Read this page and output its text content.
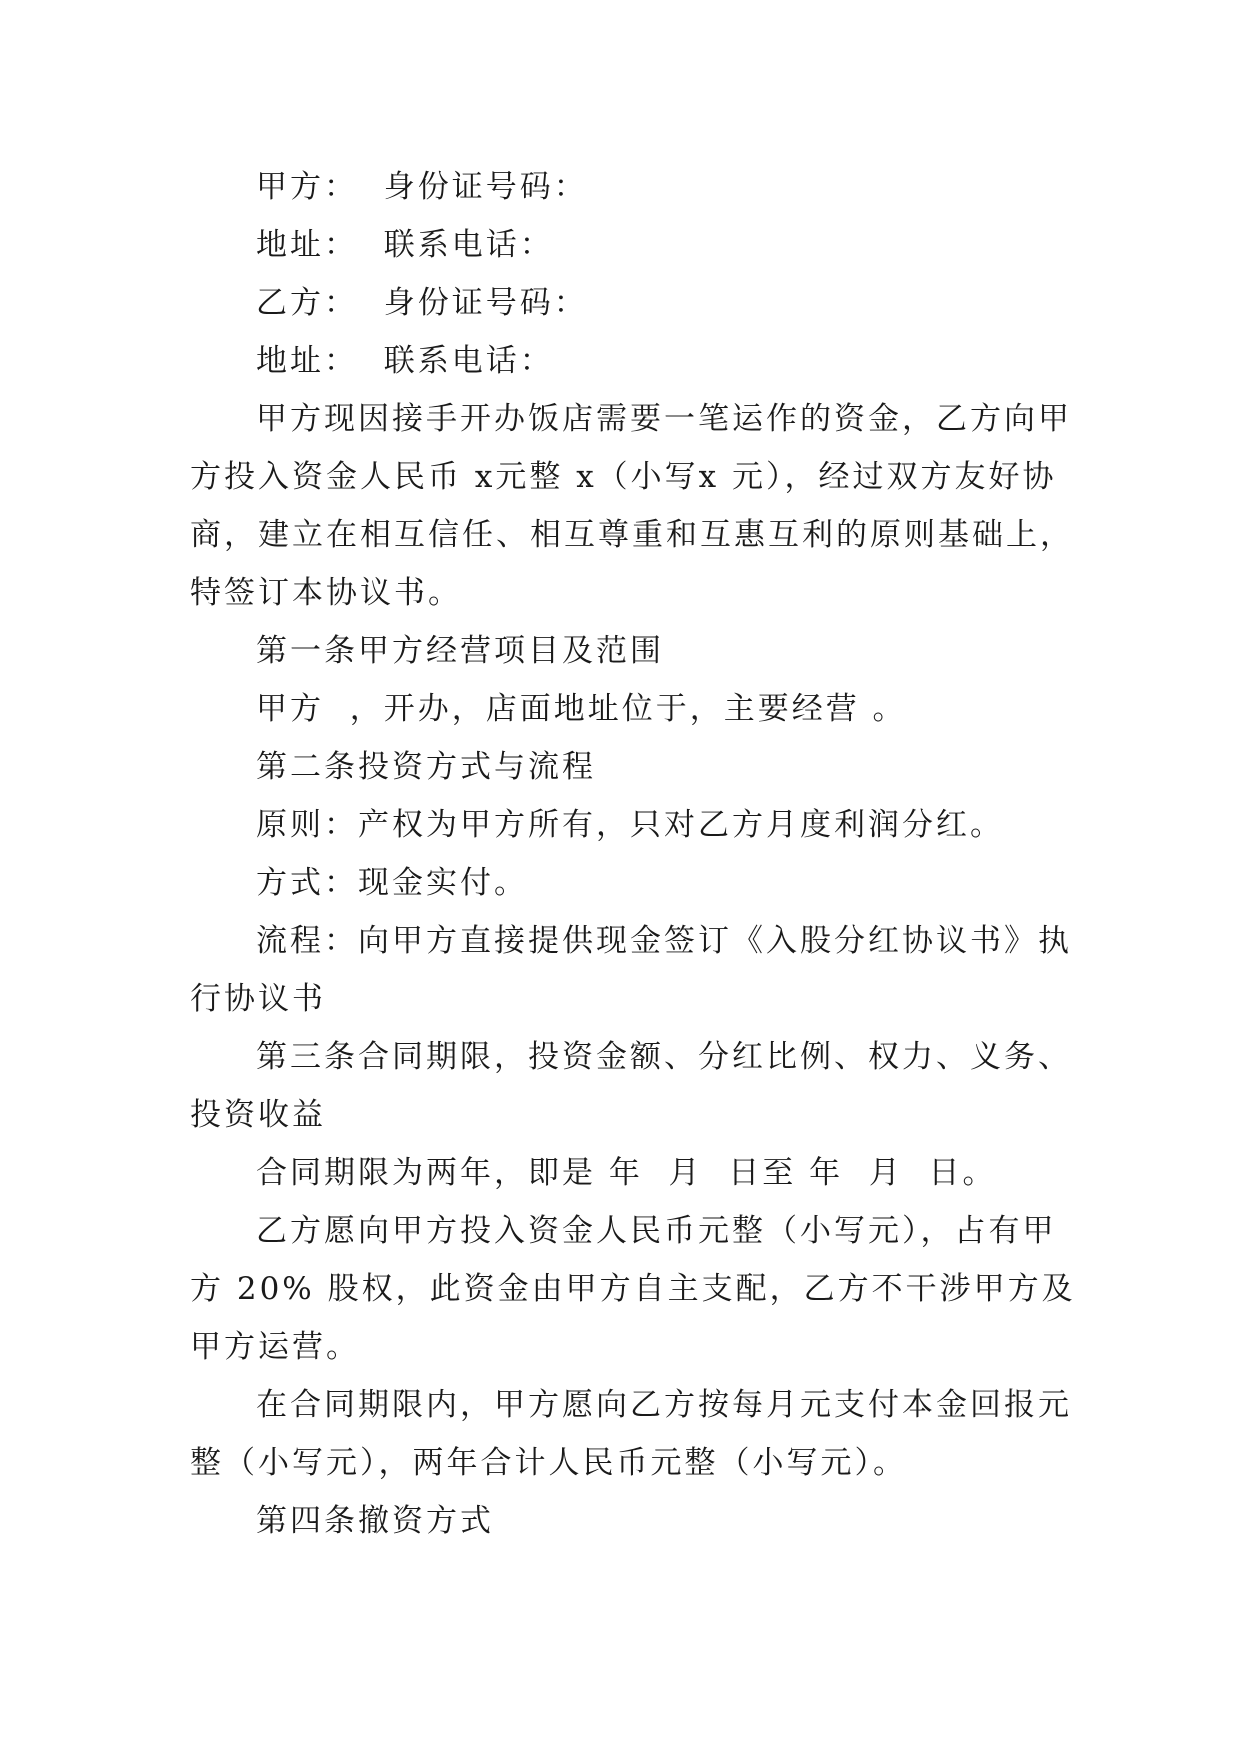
甲方：  身份证号码：
地址：  联系电话：
乙方：  身份证号码：
地址：  联系电话：
甲方现因接手开办饭店需要一笔运作的资金，乙方向甲
方投入资金人民币 x元整 x（小写x 元），经过双方友好协
商，建立在相互信任、相互尊重和互惠互利的原则基础上，
特签订本协议书。
第一条甲方经营项目及范围
甲方  ，开办，店面地址位于，主要经营 。
第二条投资方式与流程
原则：产权为甲方所有，只对乙方月度利润分红。
方式：现金实付。
流程：向甲方直接提供现金签订《入股分红协议书》执
行协议书
第三条合同期限，投资金额、分红比例、权力、义务、
投资收益
合同期限为两年，即是 年  月  日至 年  月  日。
乙方愿向甲方投入资金人民币元整（小写元），占有甲
方 20% 股权，此资金由甲方自主支配，乙方不干涉甲方及
甲方运营。
在合同期限内，甲方愿向乙方按每月元支付本金回报元
整（小写元），两年合计人民币元整（小写元）。
第四条撤资方式
